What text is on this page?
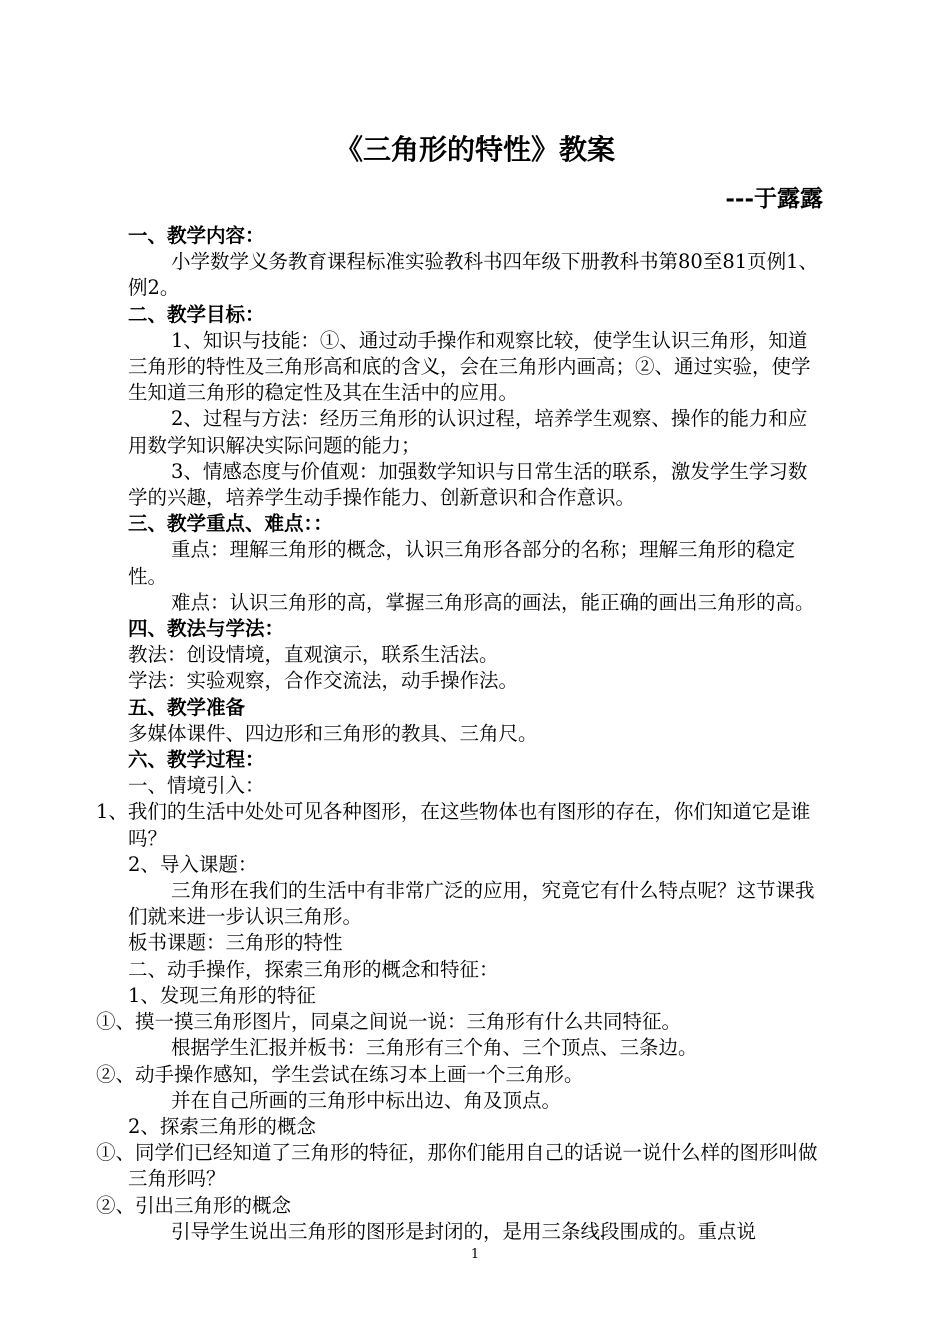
《三角形的特性》教案
---于露露

一、教学内容：

小学数学义务教育课程标准实验教科书四年级下册教科书第80至81页例1、例2。

二、教学目标：

1、知识与技能：①、通过动手操作和观察比较，使学生认识三角形，知道三角形的特性及三角形高和底的含义，会在三角形内画高；②、通过实验，使学生知道三角形的稳定性及其在生活中的应用。

2、过程与方法：经历三角形的认识过程，培养学生观察、操作的能力和应用数学知识解决实际问题的能力；

3、情感态度与价值观：加强数学知识与日常生活的联系，激发学生学习数学的兴趣，培养学生动手操作能力、创新意识和合作意识。

三、教学重点、难点：：

重点：理解三角形的概念，认识三角形各部分的名称；理解三角形的稳定性。

难点：认识三角形的高，掌握三角形高的画法，能正确的画出三角形的高。

四、教法与学法：

教法：创设情境，直观演示，联系生活法。

学法：实验观察，合作交流法，动手操作法。

五、教学准备

多媒体课件、四边形和三角形的教具、三角尺。

六、教学过程：

一、情境引入：

1、我们的生活中处处可见各种图形，在这些物体也有图形的存在，你们知道它是谁吗？

2、导入课题：

三角形在我们的生活中有非常广泛的应用，究竟它有什么特点呢？这节课我们就来进一步认识三角形。

板书课题：三角形的特性

二、动手操作，探索三角形的概念和特征：

1、发现三角形的特征

①、摸一摸三角形图片，同桌之间说一说：三角形有什么共同特征。

根据学生汇报并板书：三角形有三个角、三个顶点、三条边。

②、动手操作感知，学生尝试在练习本上画一个三角形。

并在自己所画的三角形中标出边、角及顶点。

2、探索三角形的概念

①、同学们已经知道了三角形的特征，那你们能用自己的话说一说什么样的图形叫做三角形吗？

②、引出三角形的概念

引导学生说出三角形的图形是封闭的，是用三条线段围成的。重点说

1
